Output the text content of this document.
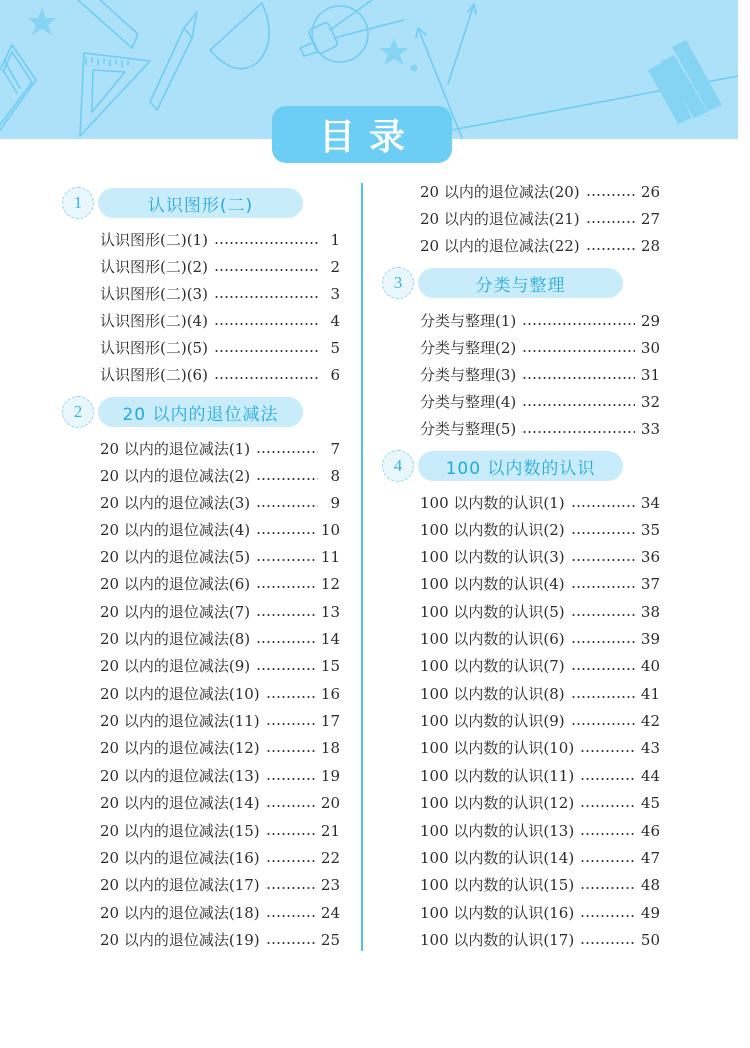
目录
1	认识图形(二)
认识图形(二)(1)	1
认识图形(二)(2)	2
认识图形(二)(3)	3
认识图形(二)(4)	4
认识图形(二)(5)	5
认识图形(二)(6)	6
2	20 以内的退位减法
20 以内的退位减法(1)	7
20 以内的退位减法(2)	8
20 以内的退位减法(3)	9
20 以内的退位减法(4)	10
20 以内的退位减法(5)	11
20 以内的退位减法(6)	12
20 以内的退位减法(7)	13
20 以内的退位减法(8)	14
20 以内的退位减法(9)	15
20 以内的退位减法(10)	16
20 以内的退位减法(11)	17
20 以内的退位减法(12)	18
20 以内的退位减法(13)	19
20 以内的退位减法(14)	20
20 以内的退位减法(15)	21
20 以内的退位减法(16)	22
20 以内的退位减法(17)	23
20 以内的退位减法(18)	24
20 以内的退位减法(19)	25
20 以内的退位减法(20)	26
20 以内的退位减法(21)	27
20 以内的退位减法(22)	28
3	分类与整理
分类与整理(1)	29
分类与整理(2)	30
分类与整理(3)	31
分类与整理(4)	32
分类与整理(5)	33
4	100 以内数的认识
100 以内数的认识(1)	34
100 以内数的认识(2)	35
100 以内数的认识(3)	36
100 以内数的认识(4)	37
100 以内数的认识(5)	38
100 以内数的认识(6)	39
100 以内数的认识(7)	40
100 以内数的认识(8)	41
100 以内数的认识(9)	42
100 以内数的认识(10)	43
100 以内数的认识(11)	44
100 以内数的认识(12)	45
100 以内数的认识(13)	46
100 以内数的认识(14)	47
100 以内数的认识(15)	48
100 以内数的认识(16)	49
100 以内数的认识(17)	50
